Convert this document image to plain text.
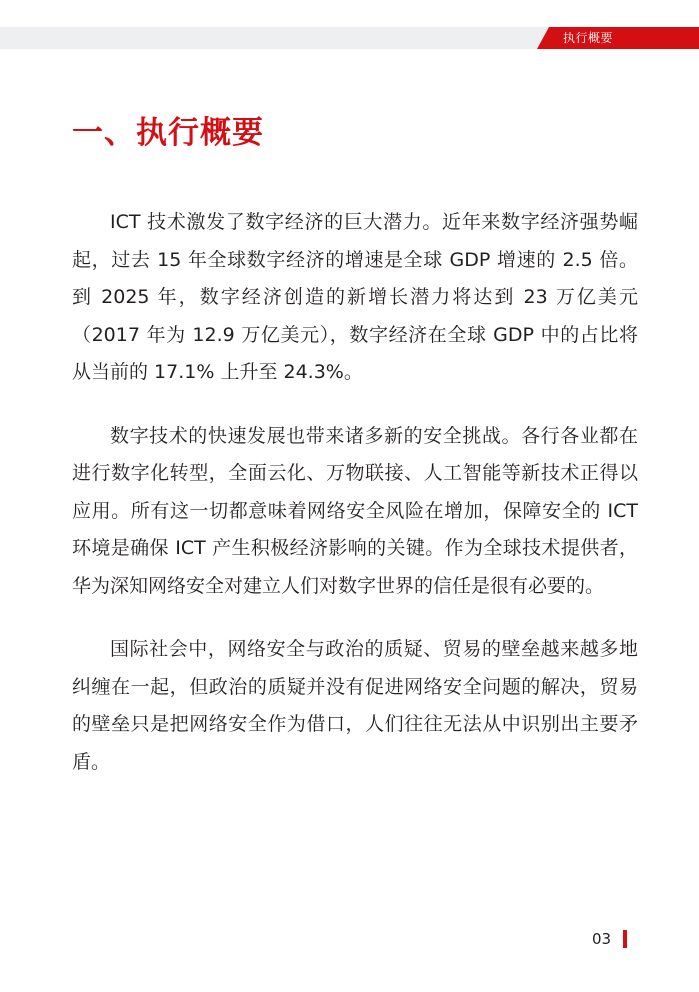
执行概要
一、执行概要

ICT 技术激发了数字经济的巨大潜力。近年来数字经济强势崛起，过去 15 年全球数字经济的增速是全球 GDP 增速的 2.5 倍。到 2025 年，数字经济创造的新增长潜力将达到 23 万亿美元（2017 年为 12.9 万亿美元），数字经济在全球 GDP 中的占比将从当前的 17.1% 上升至 24.3%。

数字技术的快速发展也带来诸多新的安全挑战。各行各业都在进行数字化转型，全面云化、万物联接、人工智能等新技术正得以应用。所有这一切都意味着网络安全风险在增加，保障安全的 ICT 环境是确保 ICT 产生积极经济影响的关键。作为全球技术提供者，华为深知网络安全对建立人们对数字世界的信任是很有必要的。

国际社会中，网络安全与政治的质疑、贸易的壁垒越来越多地纠缠在一起，但政治的质疑并没有促进网络安全问题的解决，贸易的壁垒只是把网络安全作为借口，人们往往无法从中识别出主要矛盾。

03
